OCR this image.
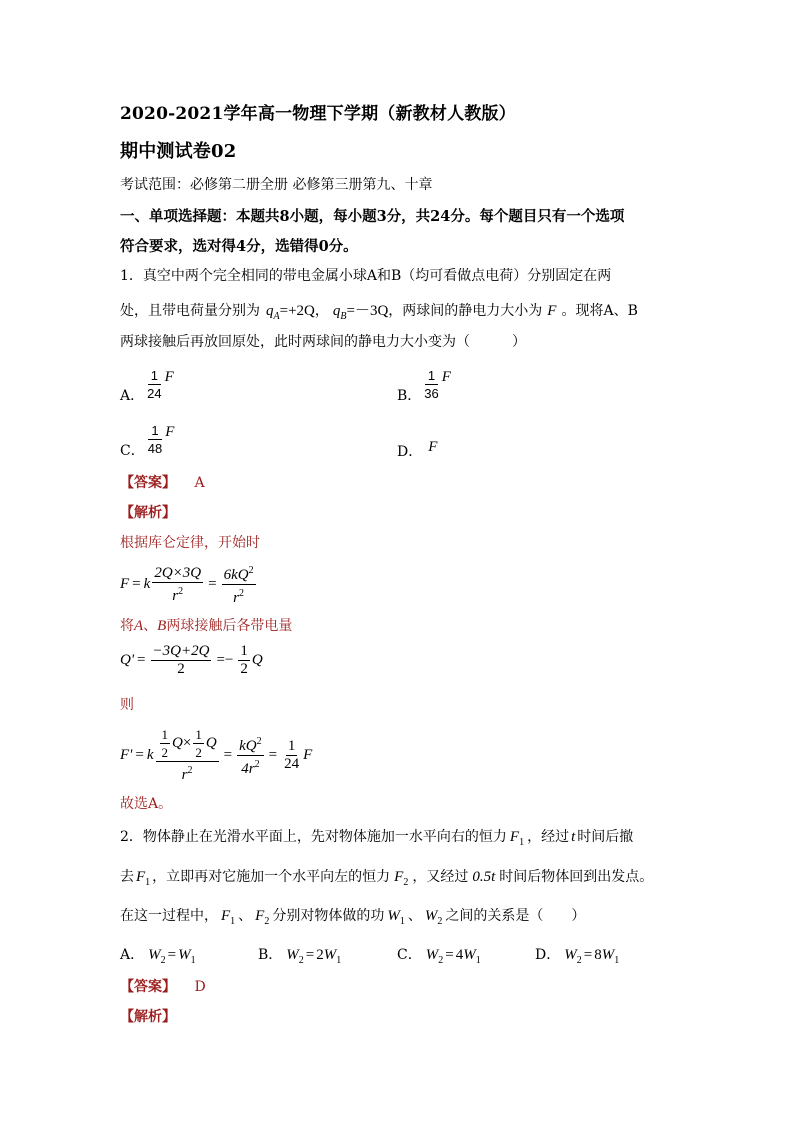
2020-2021学年高一物理下学期（新教材人教版）
期中测试卷02
考试范围：必修第二册全册 必修第三册第九、十章
一、单项选择题：本题共8小题，每小题3分，共24分。每个题目只有一个选项
符合要求，选对得4分，选错得0分。
1．真空中两个完全相同的带电金属小球A和B（均可看做点电荷）分别固定在两
处，且带电荷量分别为 $q_A=+2Q$ ， $q_B=-3Q$ ，两球间的静电力大小为 F 。现将A、B
两球接触后再放回原处，此时两球间的静电力大小变为（　　　）
A．
1
24
F
B．
1
36
F
C．
1
48
F
D． F
【答案】 A
【解析】
根据库仑定律，开始时
F = k $\frac{2Q\times 3Q}{r^2} = \frac{6kQ^2}{r^2}$
将A、B两球接触后各带电量
$Q' = \frac{-3Q+2Q}{2} =- \frac{1}{2}$ Q
则
F' = k $\frac{\frac{1}{2} Q \times \frac{1}{2} Q}{r^2} = \frac{kQ^2}{4r^2} = \frac{1}{24}$ F
故选A。
2．物体静止在光滑水平面上，先对物体施加一水平向右的恒力 $F_1$ ，经过 t 时间后撤
去 $F_1$ ，立即再对它施加一个水平向左的恒力 $F_2$ ，又经过 0.5t 时间后物体回到出发点。
在这一过程中， $F_1$ 、 $F_2$ 分别对物体做的功 $W_1$ 、 $W_2$ 之间的关系是（　　）
A． $W_2 = W_1$	B． $W_2 = 2W_1$	C． $W_2 = 4W_1$	D． $W_2 = 8W_1$
【答案】 D
【解析】
